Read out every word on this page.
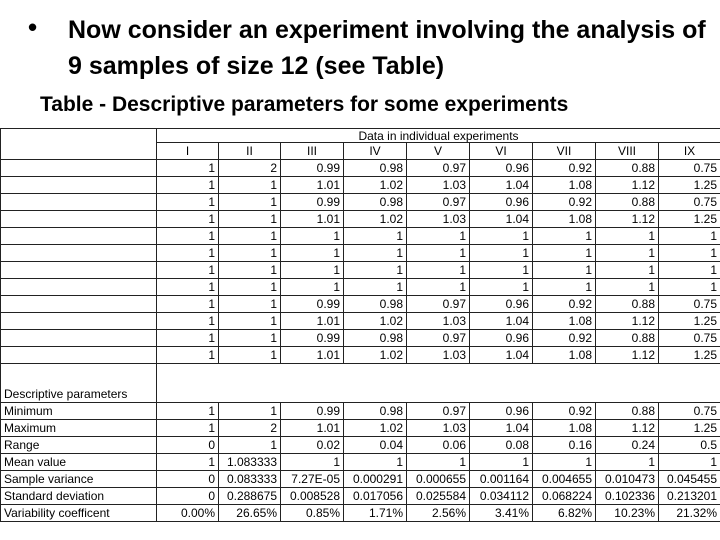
• Now consider an experiment involving the analysis of 9 samples of size 12 (see Table)
Table - Descriptive parameters for some experiments
	Data in individual experiments								
	I	II	III	IV	V	VI	VII	VIII	IX
	1	2	0.99	0.98	0.97	0.96	0.92	0.88	0.75
	1	1	1.01	1.02	1.03	1.04	1.08	1.12	1.25
	1	1	0.99	0.98	0.97	0.96	0.92	0.88	0.75
	1	1	1.01	1.02	1.03	1.04	1.08	1.12	1.25
	1	1	1	1	1	1	1	1	1
	1	1	1	1	1	1	1	1	1
	1	1	1	1	1	1	1	1	1
	1	1	1	1	1	1	1	1	1
	1	1	0.99	0.98	0.97	0.96	0.92	0.88	0.75
	1	1	1.01	1.02	1.03	1.04	1.08	1.12	1.25
	1	1	0.99	0.98	0.97	0.96	0.92	0.88	0.75
	1	1	1.01	1.02	1.03	1.04	1.08	1.12	1.25
Descriptive parameters									
Minimum	1	1	0.99	0.98	0.97	0.96	0.92	0.88	0.75
Maximum	1	2	1.01	1.02	1.03	1.04	1.08	1.12	1.25
Range	0	1	0.02	0.04	0.06	0.08	0.16	0.24	0.5
Mean value	1	1.083333	1	1	1	1	1	1	1
Sample variance	0	0.083333	7.27E-05	0.000291	0.000655	0.001164	0.004655	0.010473	0.045455
Standard deviation	0	0.288675	0.008528	0.017056	0.025584	0.034112	0.068224	0.102336	0.213201
Variability coefficent	0.00%	26.65%	0.85%	1.71%	2.56%	3.41%	6.82%	10.23%	21.32%
